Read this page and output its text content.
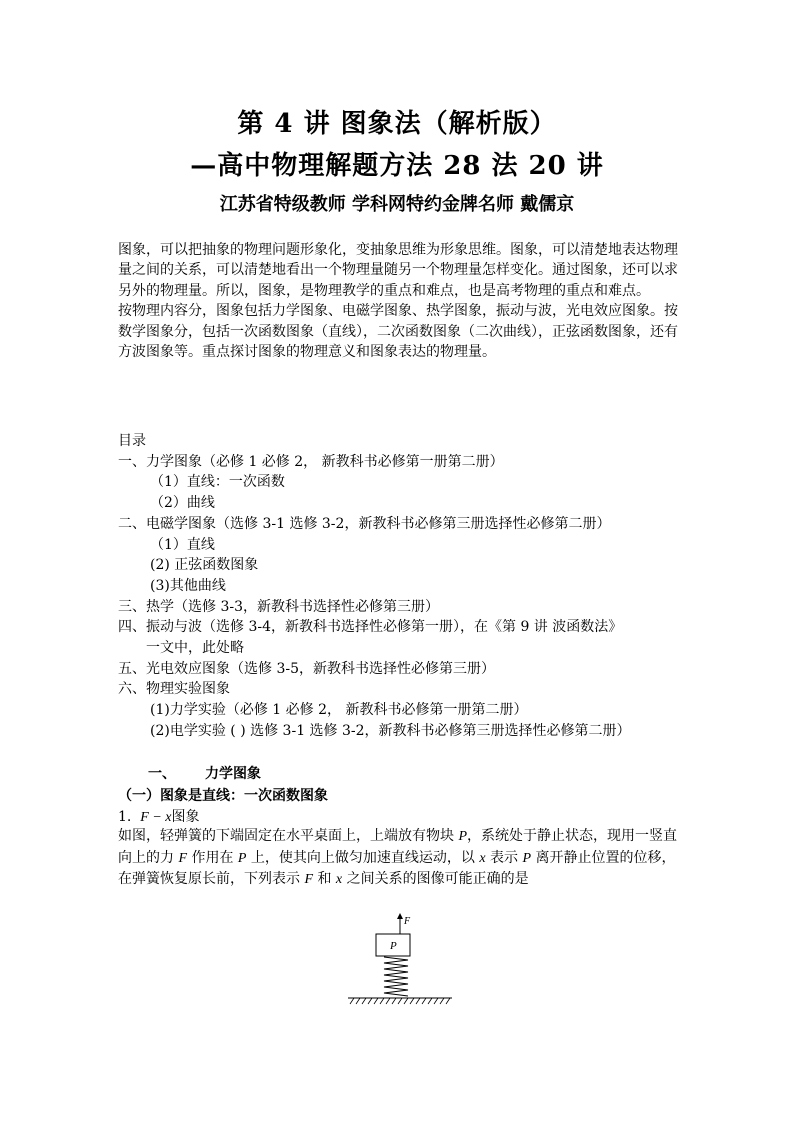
第 4 讲 图象法（解析版）
—高中物理解题方法 28 法 20 讲
江苏省特级教师 学科网特约金牌名师 戴儒京

图象，可以把抽象的物理问题形象化，变抽象思维为形象思维。图象，可以清楚地表达物理量之间的关系，可以清楚地看出一个物理量随另一个物理量怎样变化。通过图象，还可以求另外的物理量。所以，图象，是物理教学的重点和难点，也是高考物理的重点和难点。

按物理内容分，图象包括力学图象、电磁学图象、热学图象，振动与波，光电效应图象。按数学图象分，包括一次函数图象（直线），二次函数图象（二次曲线），正弦函数图象，还有方波图象等。重点探讨图象的物理意义和图象表达的物理量。

目录
一、力学图象（必修 1 必修 2， 新教科书必修第一册第二册）
（1）直线：一次函数
（2）曲线
二、电磁学图象（选修 3-1 选修 3-2，新教科书必修第三册选择性必修第二册）
（1）直线
(2) 正弦函数图象
(3)其他曲线
三、热学（选修 3-3，新教科书选择性必修第三册）
四、振动与波（选修 3-4，新教科书选择性必修第一册），在《第 9 讲 波函数法》
一文中，此处略
五、光电效应图象（选修 3-5，新教科书选择性必修第三册）
六、物理实验图象
(1)力学实验（必修 1 必修 2， 新教科书必修第一册第二册）
(2)电学实验 ( ) 选修 3-1 选修 3-2，新教科书必修第三册选择性必修第二册）
一、 力学图象
（一）图象是直线：一次函数图象
1. F − x图象
如图，轻弹簧的下端固定在水平桌面上，上端放有物块 P，系统处于静止状态，现用一竖直向上的力 F 作用在 P 上，使其向上做匀加速直线运动，以 x 表示 P 离开静止位置的位移，在弹簧恢复原长前，下列表示 F 和 x 之间关系的图像可能正确的是
F
P
